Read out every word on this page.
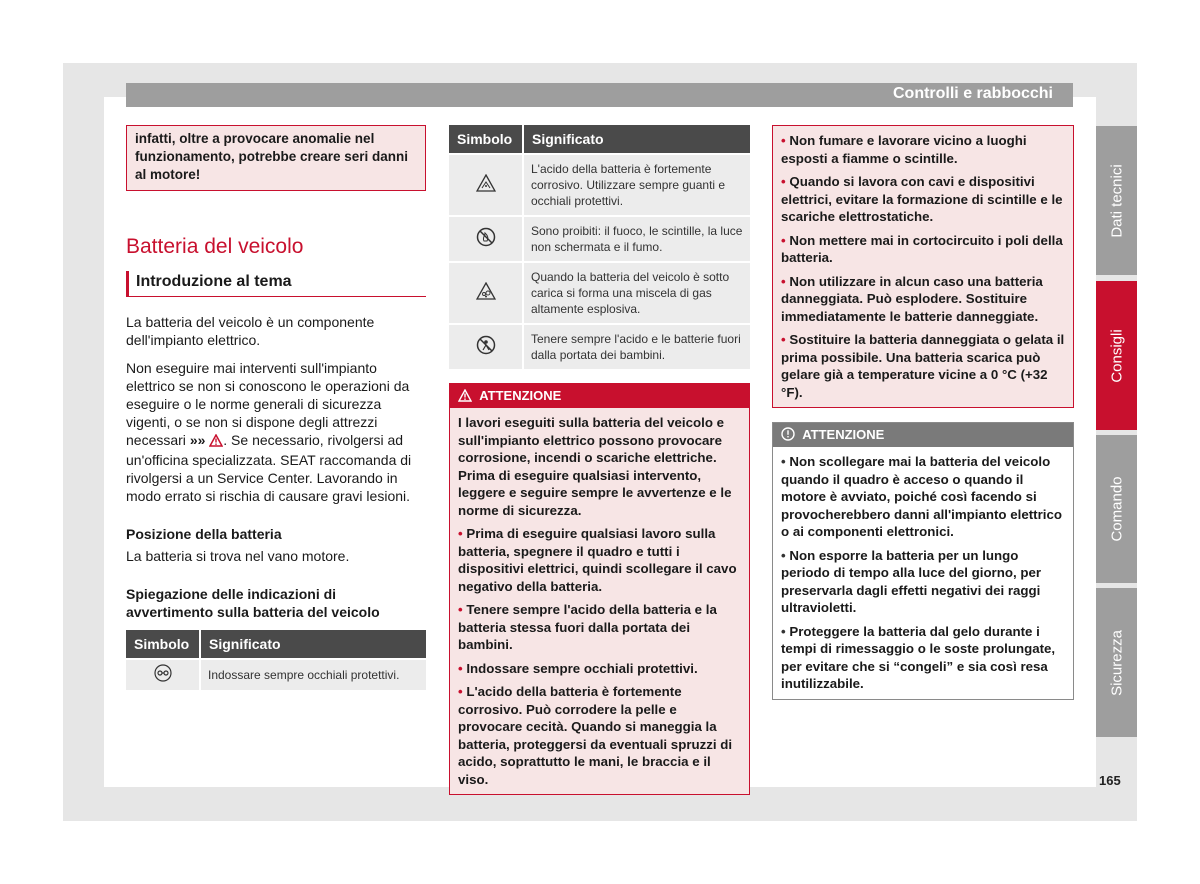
Controlli e rabbocchi
infatti, oltre a provocare anomalie nel funzionamento, potrebbe creare seri danni al motore!
Batteria del veicolo
Introduzione al tema

La batteria del veicolo è un componente dell'impianto elettrico.

Non eseguire mai interventi sull'impianto elettrico se non si conoscono le operazioni da eseguire o le norme generali di sicurezza vigenti, o se non si dispone degli attrezzi necessari »» . Se necessario, rivolgersi ad un'officina specializzata. SEAT raccomanda di rivolgersi a un Service Center. Lavorando in modo errato si rischia di causare gravi lesioni.

Posizione della batteria

La batteria si trova nel vano motore.

Spiegazione delle indicazioni di avvertimento sulla batteria del veicolo

Simbolo	Significato
	Indossare sempre occhiali protettivi.
Simbolo	Significato
	L'acido della batteria è fortemente corrosivo. Utilizzare sempre guanti e occhiali protettivi.
	Sono proibiti: il fuoco, le scintille, la luce non schermata e il fumo.
	Quando la batteria del veicolo è sotto carica si forma una miscela di gas altamente esplosiva.
	Tenere sempre l'acido e le batterie fuori dalla portata dei bambini.
ATTENZIONE

I lavori eseguiti sulla batteria del veicolo e sull'impianto elettrico possono provocare corrosione, incendi o scariche elettriche. Prima di eseguire qualsiasi intervento, leggere e seguire sempre le avvertenze e le norme di sicurezza.

• Prima di eseguire qualsiasi lavoro sulla batteria, spegnere il quadro e tutti i dispositivi elettrici, quindi scollegare il cavo negativo della batteria.

• Tenere sempre l'acido della batteria e la batteria stessa fuori dalla portata dei bambini.

• Indossare sempre occhiali protettivi.

• L'acido della batteria è fortemente corrosivo. Può corrodere la pelle e provocare cecità. Quando si maneggia la batteria, proteggersi da eventuali spruzzi di acido, soprattutto le mani, le braccia e il viso.

• Non fumare e lavorare vicino a luoghi esposti a fiamme o scintille.

• Quando si lavora con cavi e dispositivi elettrici, evitare la formazione di scintille e le scariche elettrostatiche.

• Non mettere mai in cortocircuito i poli della batteria.

• Non utilizzare in alcun caso una batteria danneggiata. Può esplodere. Sostituire immediatamente le batterie danneggiate.

• Sostituire la batteria danneggiata o gelata il prima possibile. Una batteria scarica può gelare già a temperature vicine a 0 °C (+32 °F).

ATTENZIONE

• Non scollegare mai la batteria del veicolo quando il quadro è acceso o quando il motore è avviato, poiché così facendo si provocherebbero danni all'impianto elettrico o ai componenti elettronici.

• Non esporre la batteria per un lungo periodo di tempo alla luce del giorno, per preservarla dagli effetti negativi dei raggi ultravioletti.

• Proteggere la batteria dal gelo durante i tempi di rimessaggio o le soste prolungate, per evitare che si “congeli” e sia così resa inutilizzabile.

Dati tecnici
Consigli
Comando
Sicurezza
165
